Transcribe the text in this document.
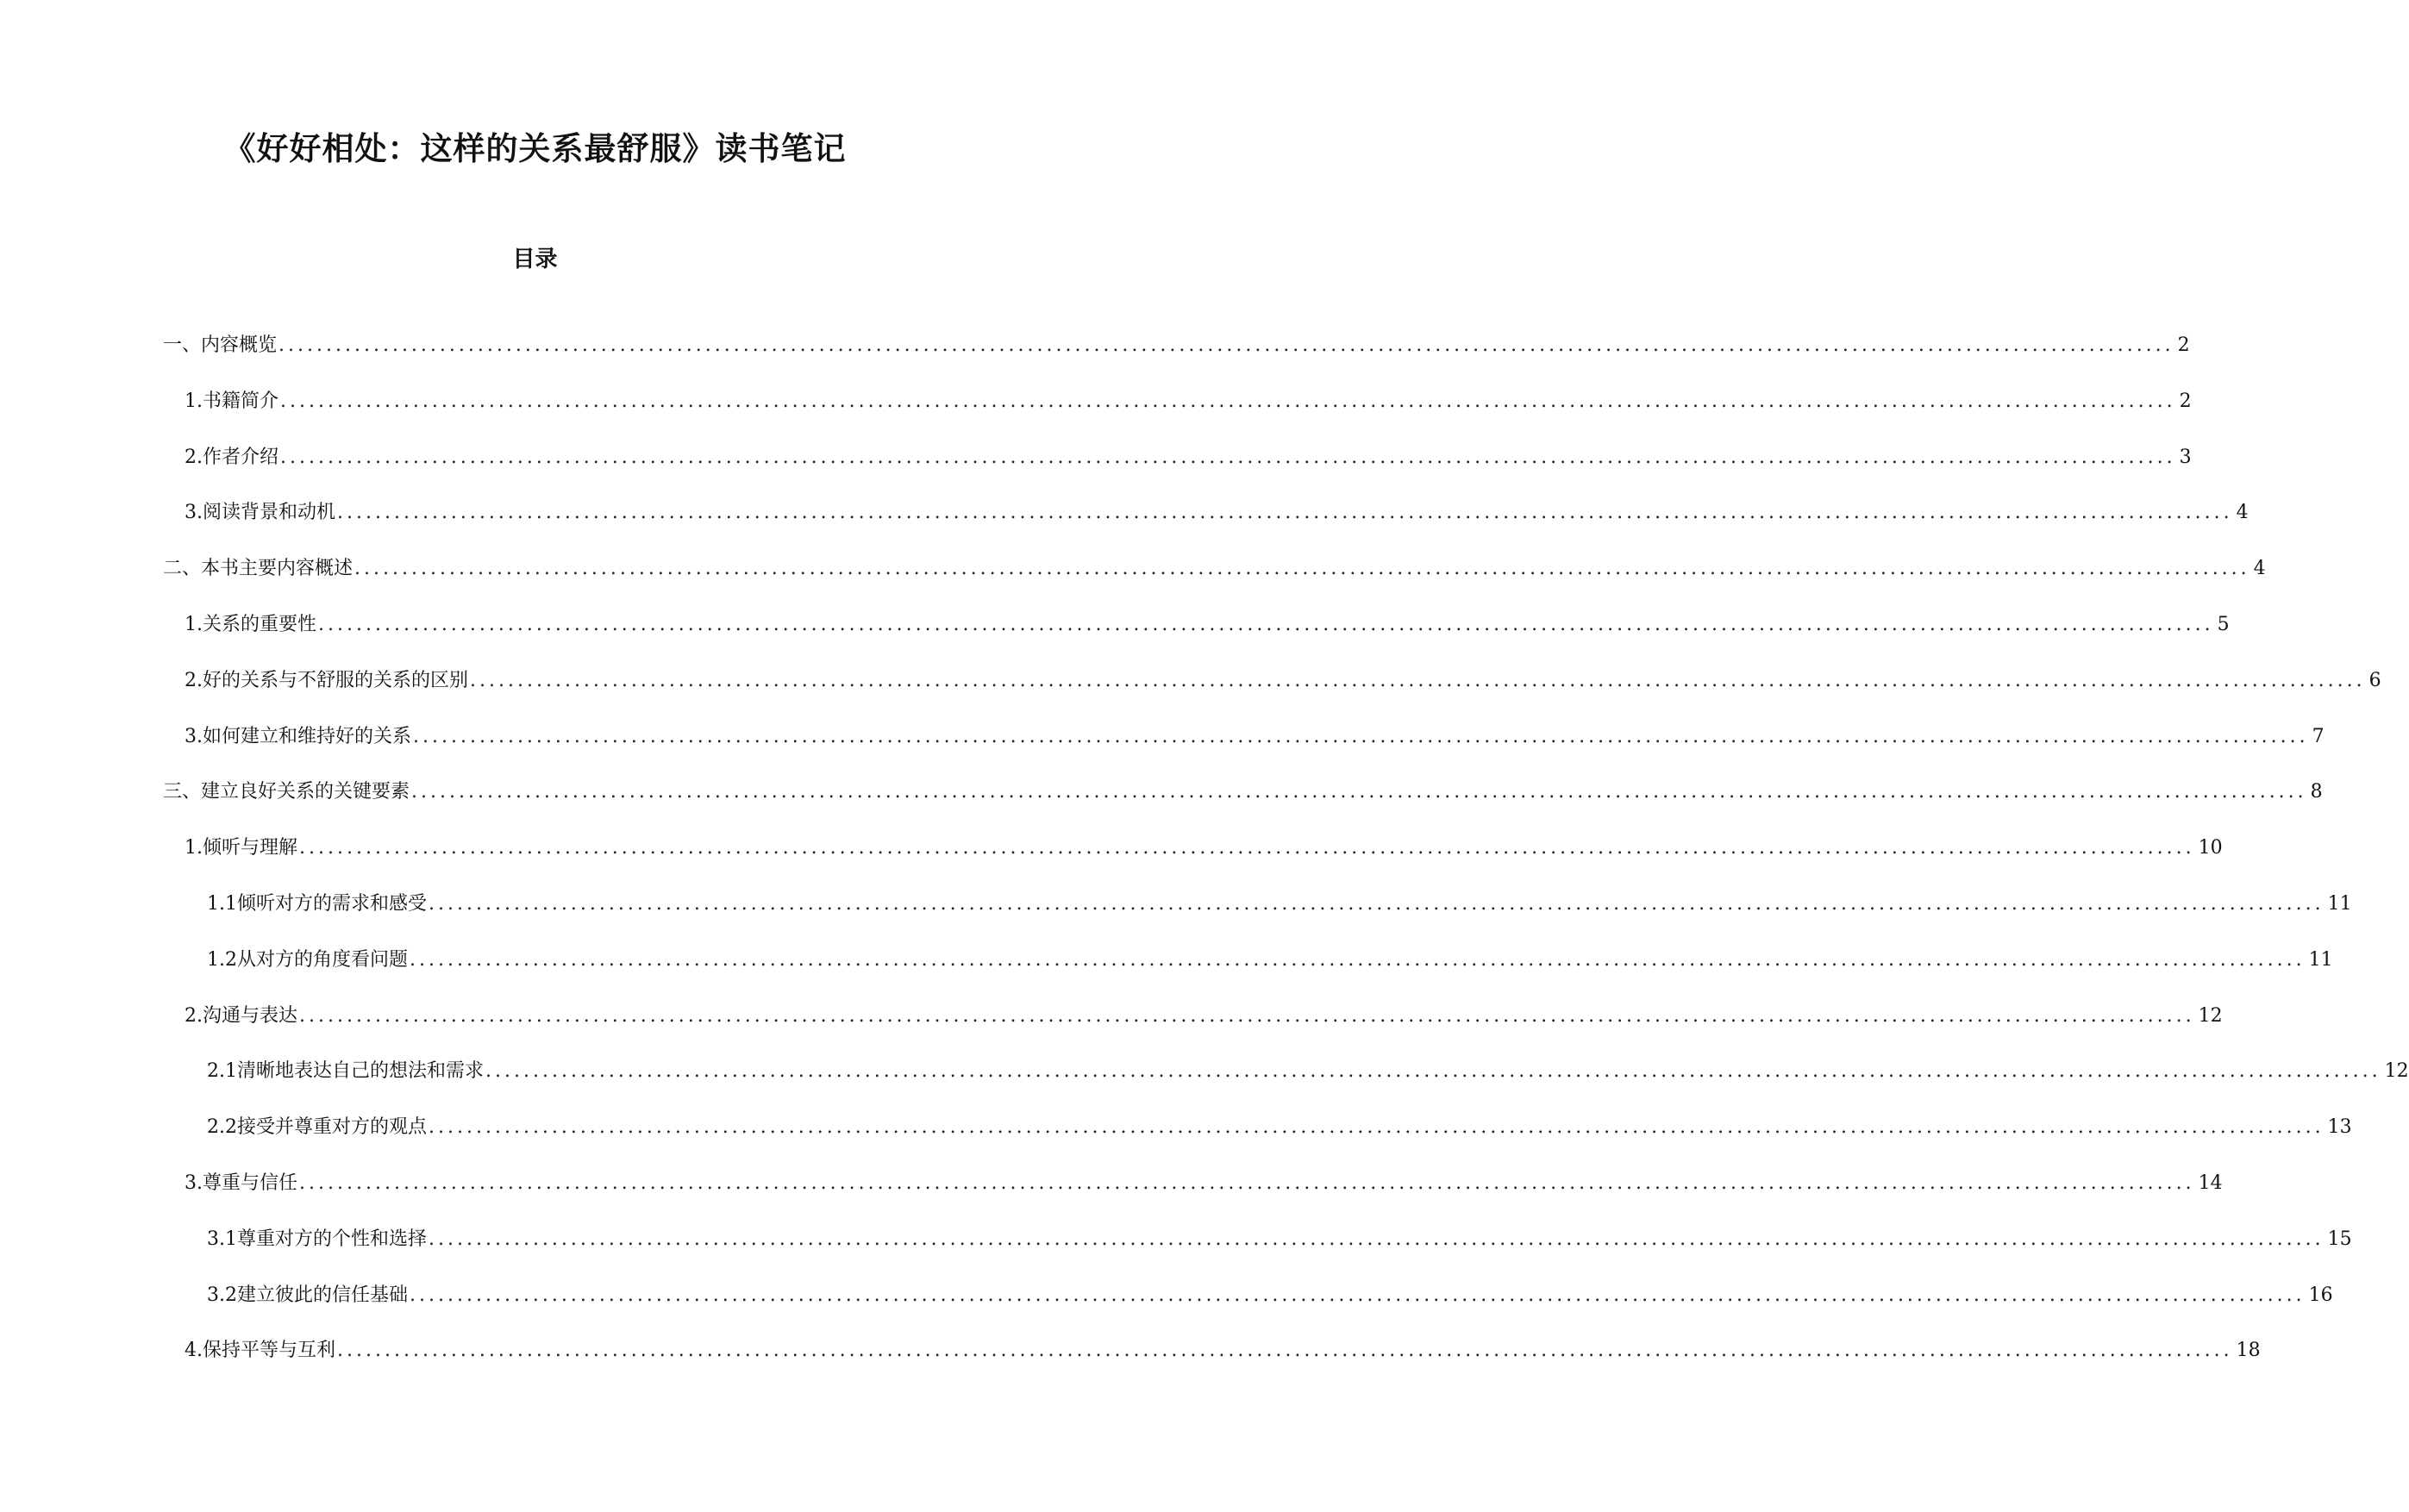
《好好相处：这样的关系最舒服》读书笔记
目录
一、 内容概览 ........................................................................................................................................................................................................ 2
1. 书籍简介 ........................................................................................................................................................................................................ 2
2. 作者介绍 ........................................................................................................................................................................................................ 3
3. 阅读背景和动机 ........................................................................................................................................................................................................ 4
二、 本书主要内容概述 ........................................................................................................................................................................................................ 4
1. 关系的重要性 ........................................................................................................................................................................................................ 5
2. 好的关系与不舒服的关系的区别 ........................................................................................................................................................................................................ 6
3. 如何建立和维持好的关系 ........................................................................................................................................................................................................ 7
三、 建立良好关系的关键要素 ........................................................................................................................................................................................................ 8
1. 倾听与理解 ........................................................................................................................................................................................................ 10
1.1 倾听对方的需求和感受 ........................................................................................................................................................................................................ 11
1.2 从对方的角度看问题 ........................................................................................................................................................................................................ 11
2. 沟通与表达 ........................................................................................................................................................................................................ 12
2.1 清晰地表达自己的想法和需求 ........................................................................................................................................................................................................ 12
2.2 接受并尊重对方的观点 ........................................................................................................................................................................................................ 13
3. 尊重与信任 ........................................................................................................................................................................................................ 14
3.1 尊重对方的个性和选择 ........................................................................................................................................................................................................ 15
3.2 建立彼此的信任基础 ........................................................................................................................................................................................................ 16
4. 保持平等与互利 ........................................................................................................................................................................................................ 18
